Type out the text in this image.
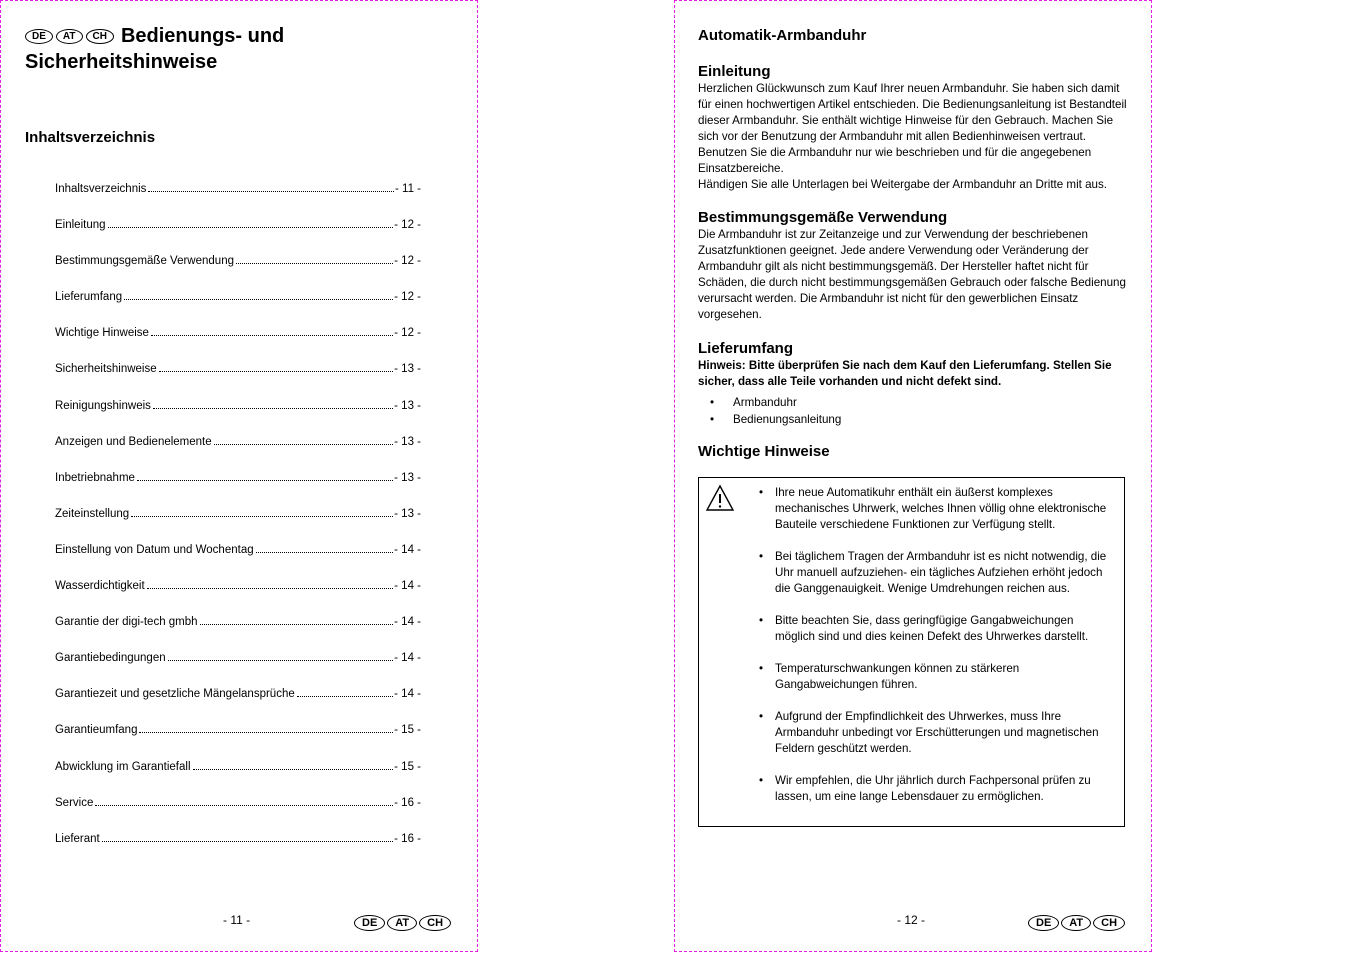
DE AT CH Bedienungs- und Sicherheitshinweise
Inhaltsverzeichnis
Inhaltsverzeichnis	- 11 -
Einleitung	- 12 -
Bestimmungsgemäße Verwendung	- 12 -
Lieferumfang	- 12 -
Wichtige Hinweise	- 12 -
Sicherheitshinweise	- 13 -
Reinigungshinweis	- 13 -
Anzeigen und Bedienelemente	- 13 -
Inbetriebnahme	- 13 -
Zeiteinstellung	- 13 -
Einstellung von Datum und Wochentag	- 14 -
Wasserdichtigkeit	- 14 -
Garantie der digi-tech gmbh	- 14 -
Garantiebedingungen	- 14 -
Garantiezeit und gesetzliche Mängelansprüche	- 14 -
Garantieumfang	- 15 -
Abwicklung im Garantiefall	- 15 -
Service	- 16 -
Lieferant	- 16 -
- 11 -	DE AT CH
Automatik-Armbanduhr
Einleitung
Herzlichen Glückwunsch zum Kauf Ihrer neuen Armbanduhr. Sie haben sich damit für einen hochwertigen Artikel entschieden. Die Bedienungsanleitung ist Bestandteil dieser Armbanduhr. Sie enthält wichtige Hinweise für den Gebrauch. Machen Sie sich vor der Benutzung der Armbanduhr mit allen Bedienhinweisen vertraut. Benutzen Sie die Armbanduhr nur wie beschrieben und für die angegebenen Einsatzbereiche.
Händigen Sie alle Unterlagen bei Weitergabe der Armbanduhr an Dritte mit aus.
Bestimmungsgemäße Verwendung
Die Armbanduhr ist zur Zeitanzeige und zur Verwendung der beschriebenen Zusatzfunktionen geeignet. Jede andere Verwendung oder Veränderung der Armbanduhr gilt als nicht bestimmungsgemäß. Der Hersteller haftet nicht für Schäden, die durch nicht bestimmungsgemäßen Gebrauch oder falsche Bedienung verursacht werden. Die Armbanduhr ist nicht für den gewerblichen Einsatz vorgesehen.
Lieferumfang
Hinweis: Bitte überprüfen Sie nach dem Kauf den Lieferumfang. Stellen Sie sicher, dass alle Teile vorhanden und nicht defekt sind.
• Armbanduhr
• Bedienungsanleitung
Wichtige Hinweise
• Ihre neue Automatikuhr enthält ein äußerst komplexes mechanisches Uhrwerk, welches Ihnen völlig ohne elektronische Bauteile verschiedene Funktionen zur Verfügung stellt.
• Bei täglichem Tragen der Armbanduhr ist es nicht notwendig, die Uhr manuell aufzuziehen- ein tägliches Aufziehen erhöht jedoch die Ganggenauigkeit. Wenige Umdrehungen reichen aus.
• Bitte beachten Sie, dass geringfügige Gangabweichungen möglich sind und dies keinen Defekt des Uhrwerkes darstellt.
• Temperaturschwankungen können zu stärkeren Gangabweichungen führen.
• Aufgrund der Empfindlichkeit des Uhrwerkes, muss Ihre Armbanduhr unbedingt vor Erschütterungen und magnetischen Feldern geschützt werden.
• Wir empfehlen, die Uhr jährlich durch Fachpersonal prüfen zu lassen, um eine lange Lebensdauer zu ermöglichen.
- 12 -	DE AT CH
